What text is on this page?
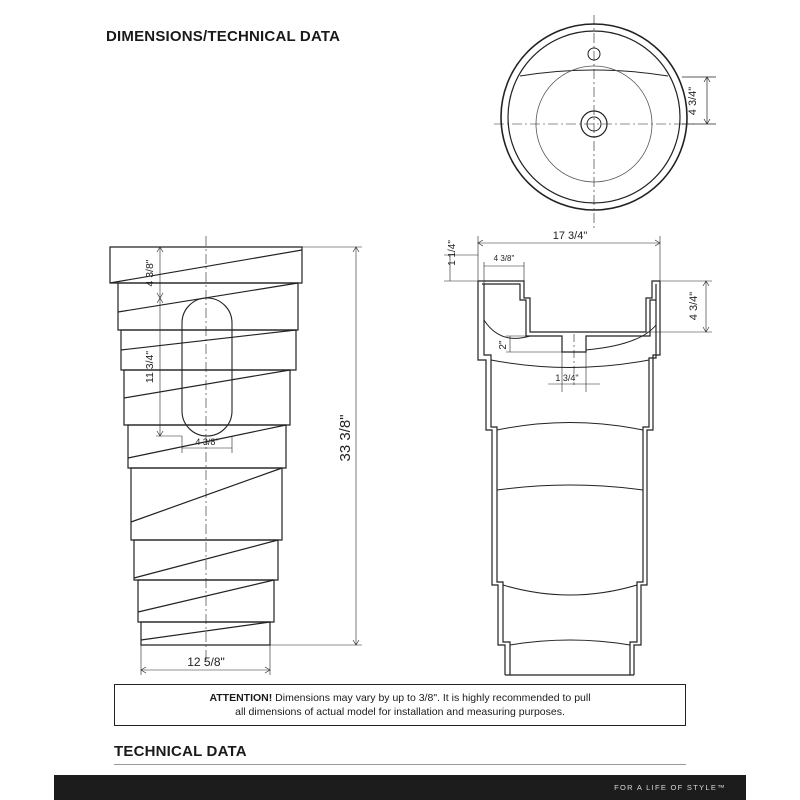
DIMENSIONS/TECHNICAL DATA
4 3/4"
4 3/8"
11 3/4"
4 3/8"	33 3/8"
12 5/8"
17 3/4"
1 1/4"	4 3/8"
4 3/4"
2"
1 3/4"
ATTENTION! Dimensions may vary by up to 3/8". It is highly recommended to pull
all dimensions of actual model for installation and measuring purposes.
TECHNICAL DATA
FOR A LIFE OF STYLE™
